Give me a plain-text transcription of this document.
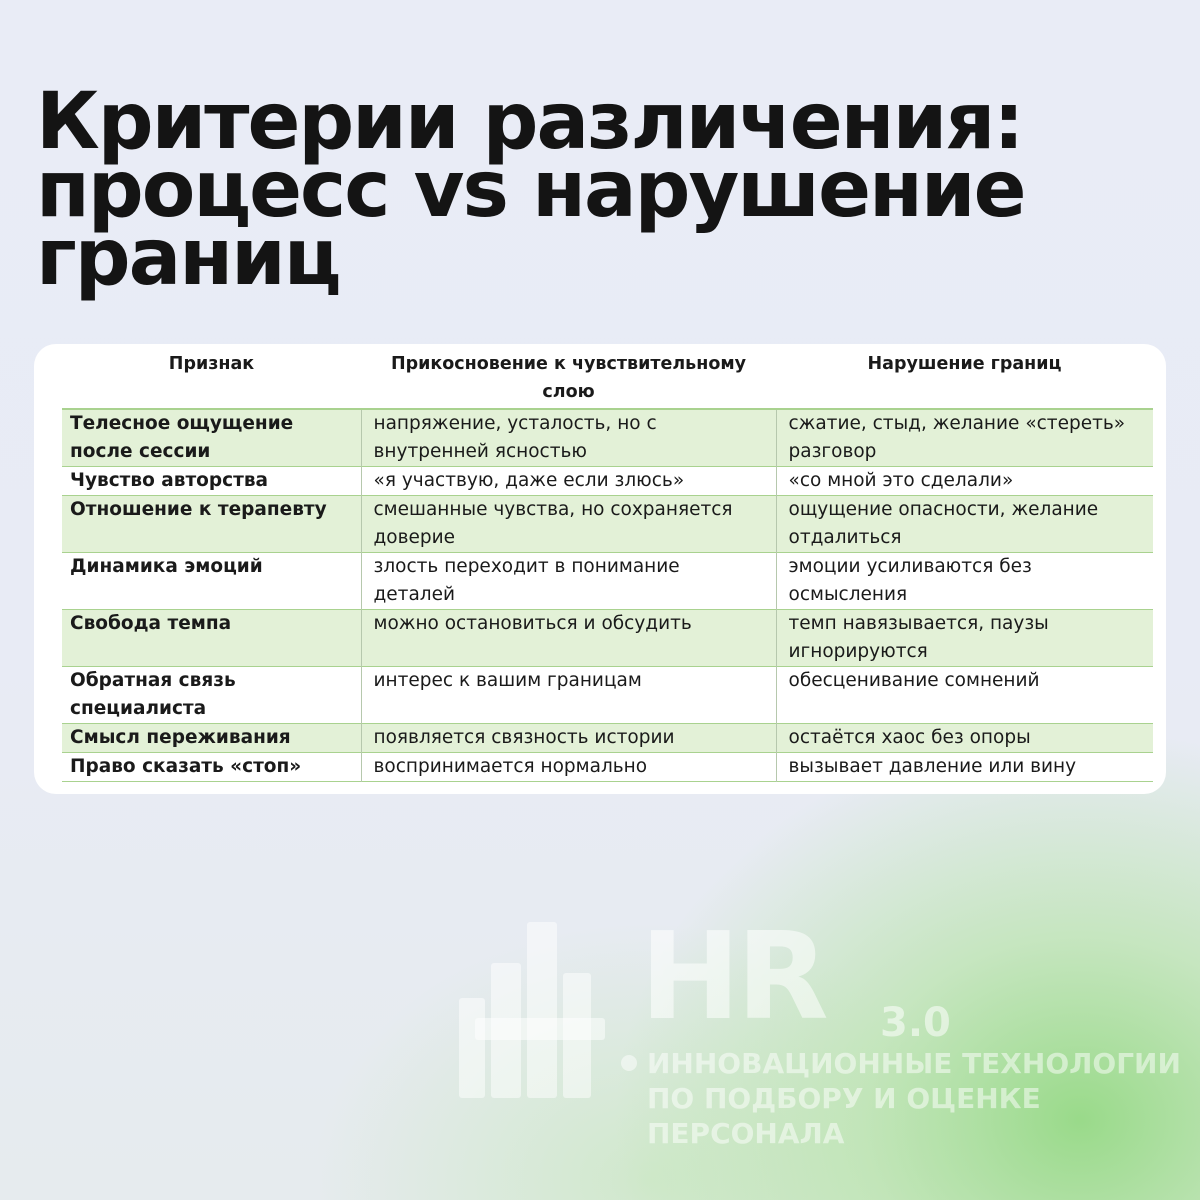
Критерии различения:
процесс vs нарушение
границ
Признак	Прикосновение к чувствительному слою	Нарушение границ
Телесное ощущение после сессии	напряжение, усталость, но с внутренней ясностью	сжатие, стыд, желание «стереть» разговор
Чувство авторства	«я участвую, даже если злюсь»	«со мной это сделали»
Отношение к терапевту	смешанные чувства, но сохраняется доверие	ощущение опасности, желание отдалиться
Динамика эмоций	злость переходит в понимание деталей	эмоции усиливаются без осмысления
Свобода темпа	можно остановиться и обсудить	темп навязывается, паузы игнорируются
Обратная связь специалиста	интерес к вашим границам	обесценивание сомнений
Смысл переживания	появляется связность истории	остаётся хаос без опоры
Право сказать «стоп»	воспринимается нормально	вызывает давление или вину
HR 3.0
ИННОВАЦИОННЫЕ ТЕХНОЛОГИИ
ПО ПОДБОРУ И ОЦЕНКЕ
ПЕРСОНАЛА
